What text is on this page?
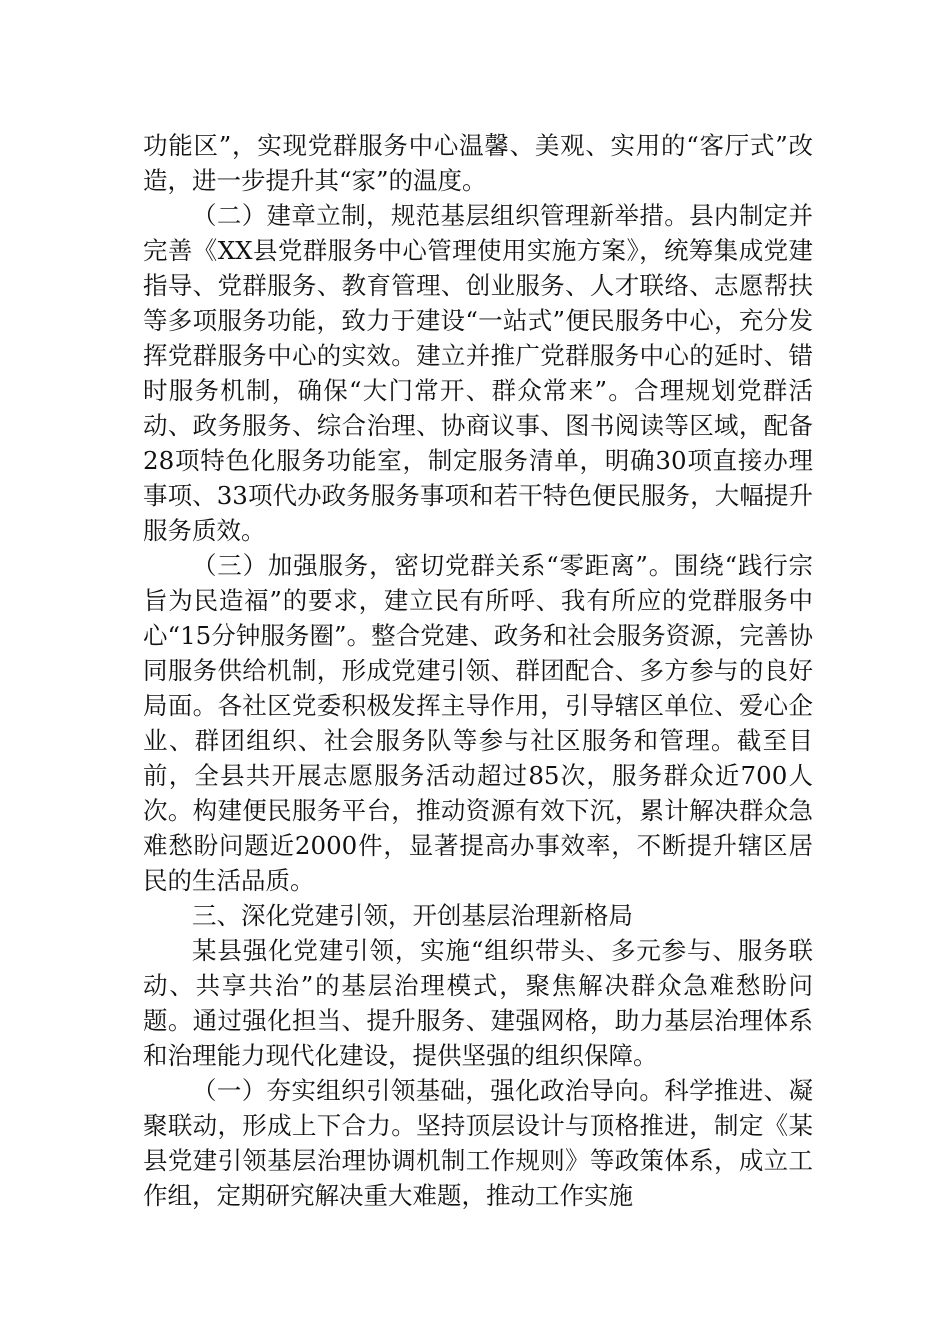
功能区”，实现党群服务中心温馨、美观、实用的“客厅式”改造，进一步提升其“家”的温度。

（二）建章立制，规范基层组织管理新举措。县内制定并完善《XX县党群服务中心管理使用实施方案》，统筹集成党建指导、党群服务、教育管理、创业服务、人才联络、志愿帮扶等多项服务功能，致力于建设“一站式”便民服务中心，充分发挥党群服务中心的实效。建立并推广党群服务中心的延时、错时服务机制，确保“大门常开、群众常来”。合理规划党群活动、政务服务、综合治理、协商议事、图书阅读等区域，配备28项特色化服务功能室，制定服务清单，明确30项直接办理事项、33项代办政务服务事项和若干特色便民服务，大幅提升服务质效。

（三）加强服务，密切党群关系“零距离”。围绕“践行宗旨为民造福”的要求，建立民有所呼、我有所应的党群服务中心“15分钟服务圈”。整合党建、政务和社会服务资源，完善协同服务供给机制，形成党建引领、群团配合、多方参与的良好局面。各社区党委积极发挥主导作用，引导辖区单位、爱心企业、群团组织、社会服务队等参与社区服务和管理。截至目前，全县共开展志愿服务活动超过85次，服务群众近700人次。构建便民服务平台，推动资源有效下沉，累计解决群众急难愁盼问题近2000件，显著提高办事效率，不断提升辖区居民的生活品质。

三、深化党建引领，开创基层治理新格局

某县强化党建引领，实施“组织带头、多元参与、服务联动、共享共治”的基层治理模式，聚焦解决群众急难愁盼问题。通过强化担当、提升服务、建强网格，助力基层治理体系和治理能力现代化建设，提供坚强的组织保障。

（一）夯实组织引领基础，强化政治导向。科学推进、凝聚联动，形成上下合力。坚持顶层设计与顶格推进，制定《某县党建引领基层治理协调机制工作规则》等政策体系，成立工作组，定期研究解决重大难题，推动工作实施
